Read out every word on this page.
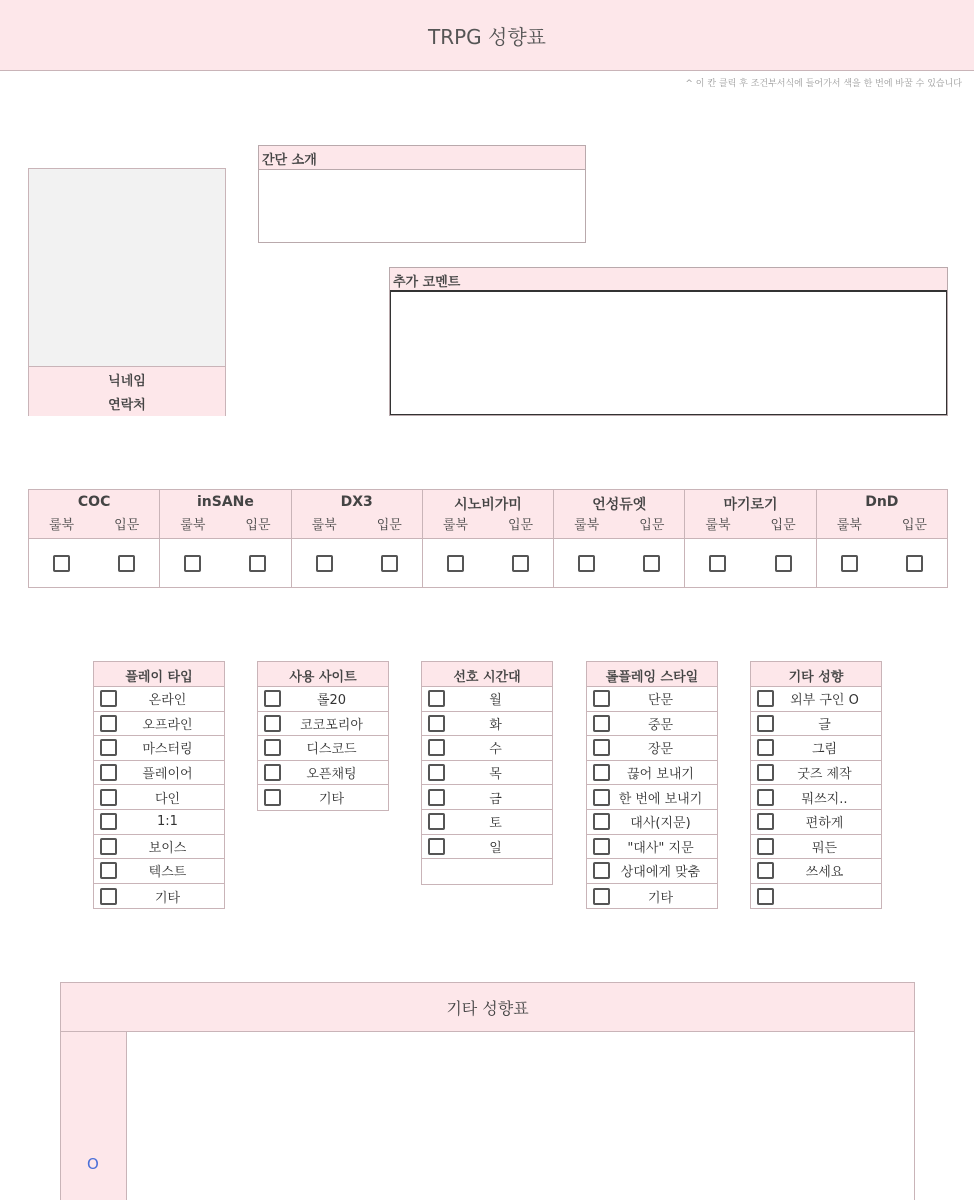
TRPG 성향표
^ 이 칸 클릭 후 조건부서식에 들어가서 색을 한 번에 바꿀 수 있습니다
닉네임
연락처
간단 소개
추가 코멘트
COC
룰북	입문
inSANe
룰북	입문
DX3
룰북	입문
시노비가미
룰북	입문
언성듀엣
룰북	입문
마기로기
룰북	입문
DnD
룰북	입문
플레이 타입
온라인
오프라인
마스터링
플레이어
다인
1:1
보이스
텍스트
기타
사용 사이트
롤20
코코포리아
디스코드
오픈채팅
기타
선호 시간대
월
화
수
목
금
토
일
롤플레잉 스타일
단문
중문
장문
끊어 보내기
한 번에 보내기
대사(지문)
"대사" 지문
상대에게 맞춤
기타
기타 성향
외부 구인 O
글
그림
굿즈 제작
뭐쓰지..
편하게
뭐든
쓰세요
기타 성향표
O
